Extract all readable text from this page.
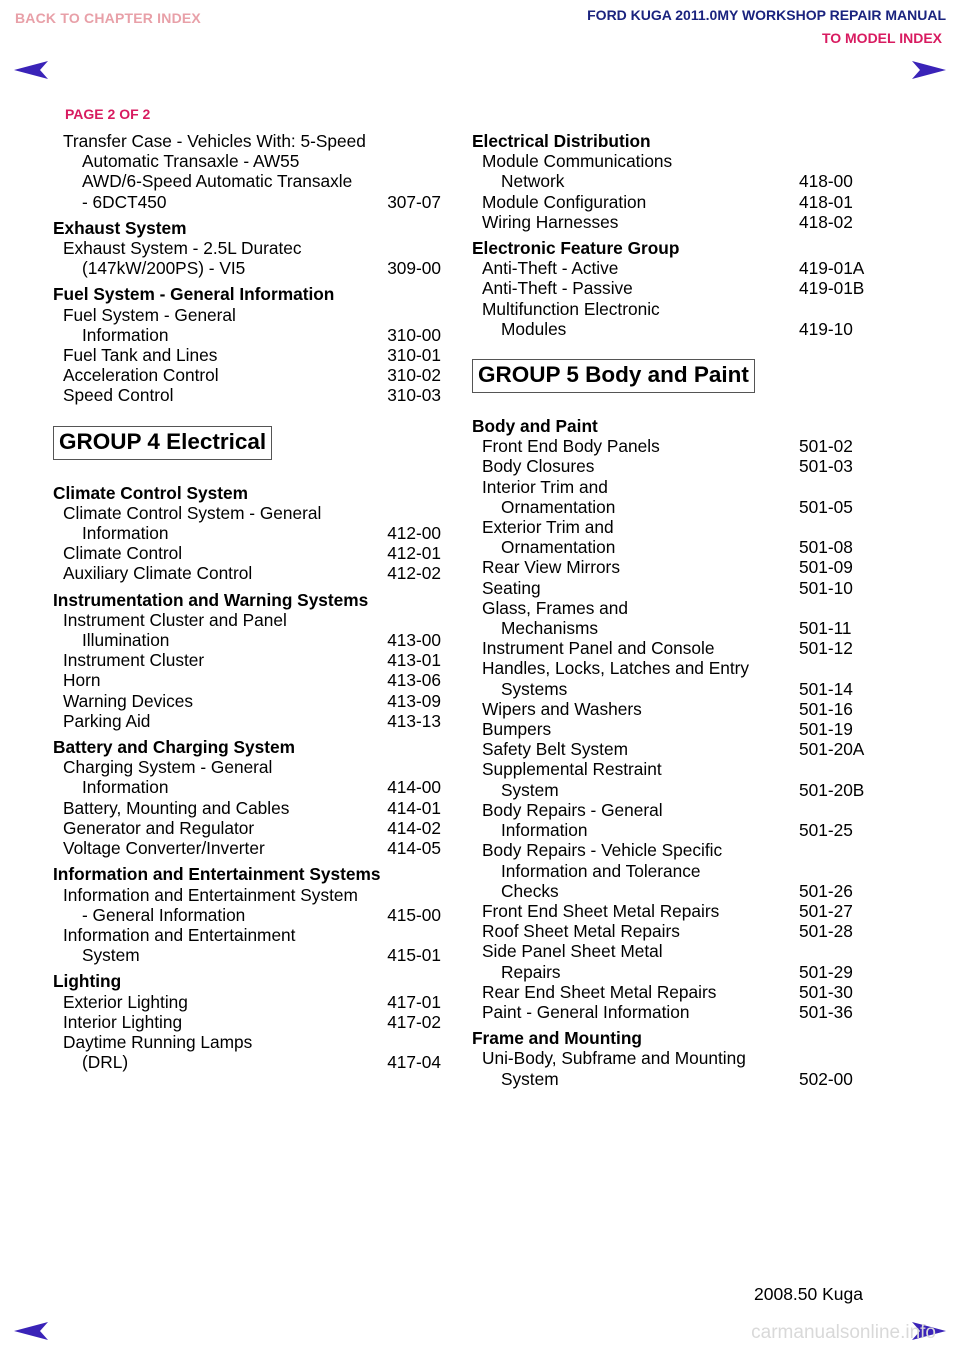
BACK TO CHAPTER INDEX	FORD KUGA 2011.0MY WORKSHOP REPAIR MANUAL
TO MODEL INDEX
PAGE 2 OF 2
Transfer Case - Vehicles With: 5-Speed
Automatic Transaxle - AW55
AWD/6-Speed Automatic Transaxle
- 6DCT450	307-07
Exhaust System
Exhaust System - 2.5L Duratec
(147kW/200PS) - VI5	309-00
Fuel System - General Information
Fuel System - General
Information	310-00
Fuel Tank and Lines	310-01
Acceleration Control	310-02
Speed Control	310-03
GROUP 4 Electrical
Climate Control System
Climate Control System - General
Information	412-00
Climate Control	412-01
Auxiliary Climate Control	412-02
Instrumentation and Warning Systems
Instrument Cluster and Panel
Illumination	413-00
Instrument Cluster	413-01
Horn	413-06
Warning Devices	413-09
Parking Aid	413-13
Battery and Charging System
Charging System - General
Information	414-00
Battery, Mounting and Cables	414-01
Generator and Regulator	414-02
Voltage Converter/Inverter	414-05
Information and Entertainment Systems
Information and Entertainment System
- General Information	415-00
Information and Entertainment
System	415-01
Lighting
Exterior Lighting	417-01
Interior Lighting	417-02
Daytime Running Lamps
(DRL)	417-04
Electrical Distribution
Module Communications
Network	418-00
Module Configuration	418-01
Wiring Harnesses	418-02
Electronic Feature Group
Anti-Theft - Active	419-01A
Anti-Theft - Passive	419-01B
Multifunction Electronic
Modules	419-10
GROUP 5 Body and Paint
Body and Paint
Front End Body Panels	501-02
Body Closures	501-03
Interior Trim and
Ornamentation	501-05
Exterior Trim and
Ornamentation	501-08
Rear View Mirrors	501-09
Seating	501-10
Glass, Frames and
Mechanisms	501-11
Instrument Panel and Console	501-12
Handles, Locks, Latches and Entry
Systems	501-14
Wipers and Washers	501-16
Bumpers	501-19
Safety Belt System	501-20A
Supplemental Restraint
System	501-20B
Body Repairs - General
Information	501-25
Body Repairs - Vehicle Specific
Information and Tolerance
Checks	501-26
Front End Sheet Metal Repairs	501-27
Roof Sheet Metal Repairs	501-28
Side Panel Sheet Metal
Repairs	501-29
Rear End Sheet Metal Repairs	501-30
Paint - General Information	501-36
Frame and Mounting
Uni-Body, Subframe and Mounting
System	502-00
2008.50 Kuga
carmanualsonline.info
